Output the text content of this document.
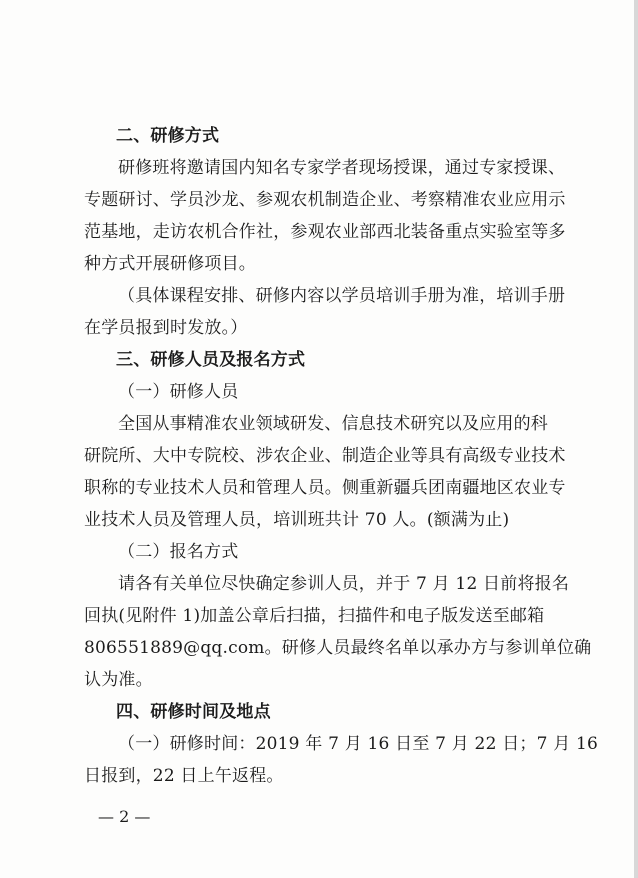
二、研修方式
研修班将邀请国内知名专家学者现场授课，通过专家授课、
专题研讨、学员沙龙、参观农机制造企业、考察精准农业应用示
范基地，走访农机合作社，参观农业部西北装备重点实验室等多
种方式开展研修项目。
（具体课程安排、研修内容以学员培训手册为准，培训手册
在学员报到时发放。）
三、研修人员及报名方式
（一）研修人员
全国从事精准农业领域研发、信息技术研究以及应用的科
研院所、大中专院校、涉农企业、制造企业等具有高级专业技术
职称的专业技术人员和管理人员。侧重新疆兵团南疆地区农业专
业技术人员及管理人员，培训班共计 70 人。(额满为止)
（二）报名方式
请各有关单位尽快确定参训人员，并于 7 月 12 日前将报名
回执(见附件 1)加盖公章后扫描，扫描件和电子版发送至邮箱
806551889@qq.com。研修人员最终名单以承办方与参训单位确
认为准。
四、研修时间及地点
（一）研修时间：2019 年 7 月 16 日至 7 月 22 日；7 月 16
日报到，22 日上午返程。
— 2 —
